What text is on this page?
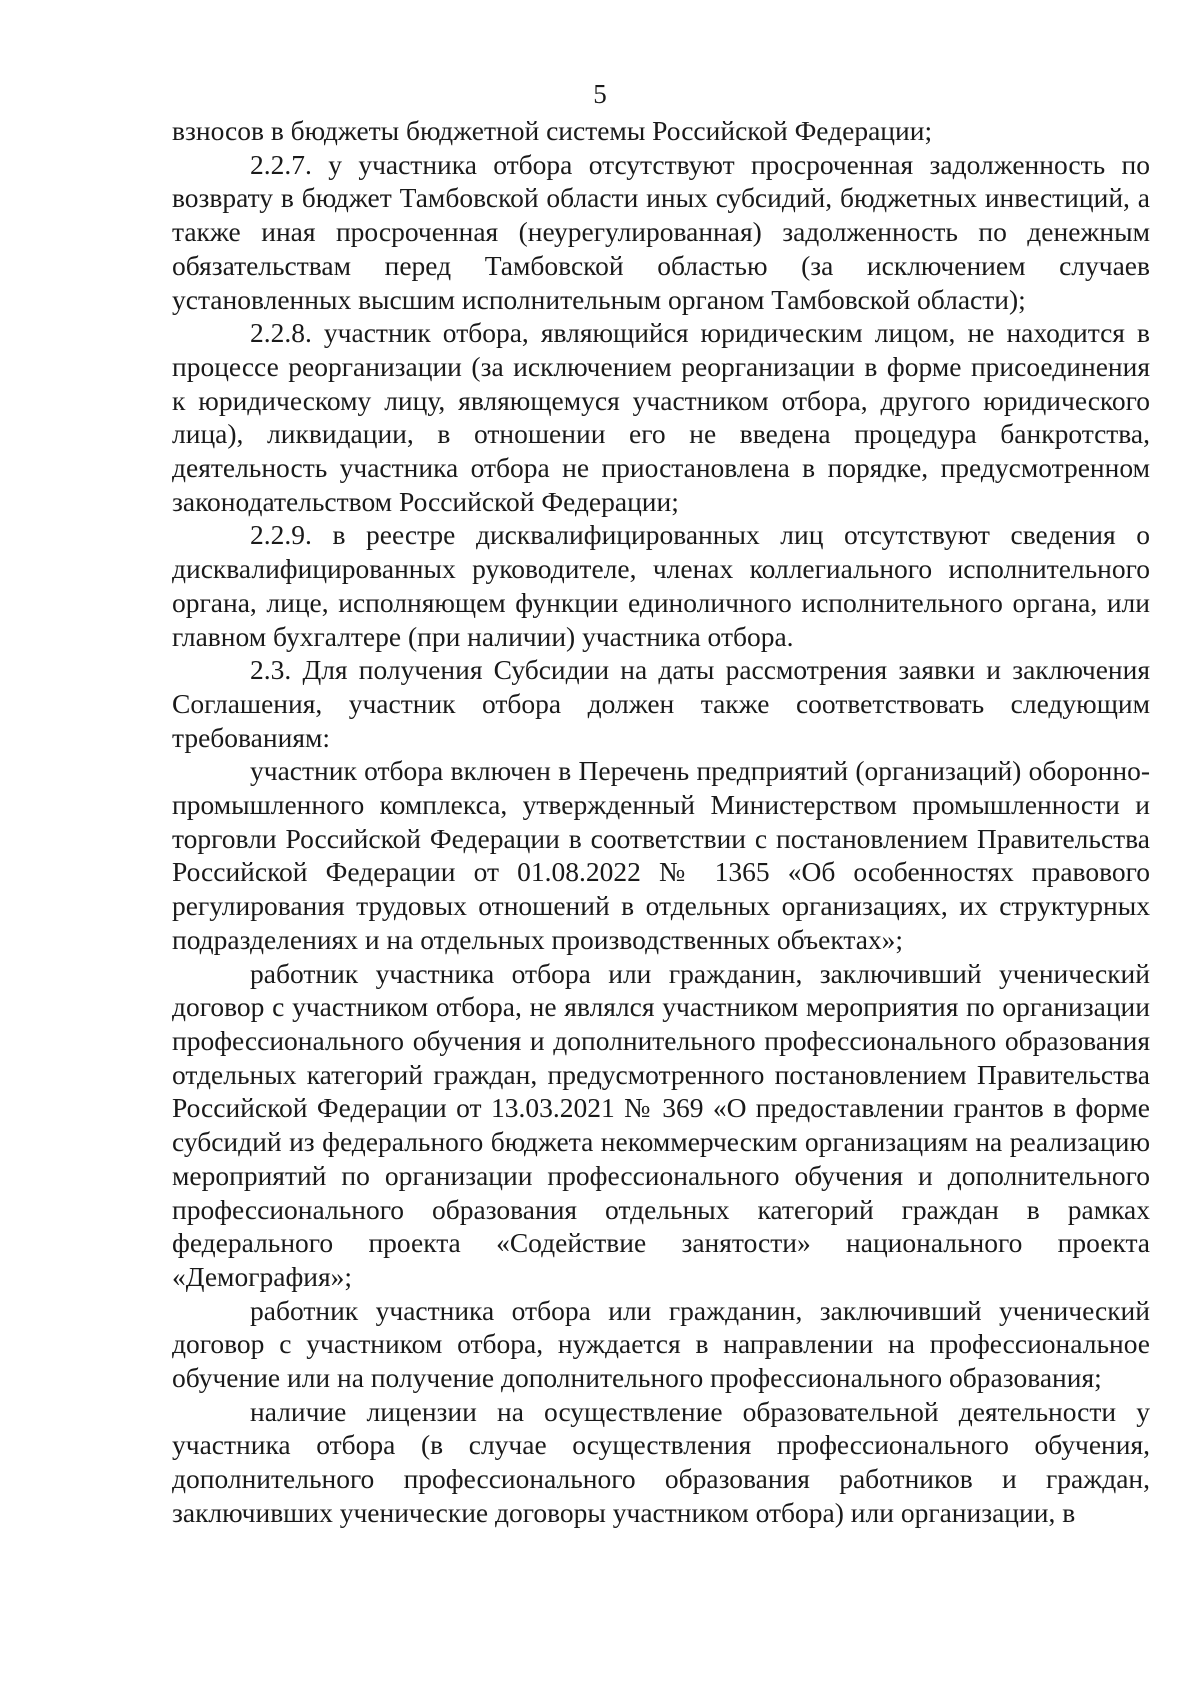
5

взносов в бюджеты бюджетной системы Российской Федерации;

2.2.7. у участника отбора отсутствуют просроченная задолженность по возврату в бюджет Тамбовской области иных субсидий, бюджетных инвестиций, а также иная просроченная (неурегулированная) задолженность по денежным обязательствам перед Тамбовской областью (за исключением случаев установленных высшим исполнительным органом Тамбовской области);

2.2.8. участник отбора, являющийся юридическим лицом, не находится в процессе реорганизации (за исключением реорганизации в форме присоединения к юридическому лицу, являющемуся участником отбора, другого юридического лица), ликвидации, в отношении его не введена процедура банкротства, деятельность участника отбора не приостановлена в порядке, предусмотренном законодательством Российской Федерации;

2.2.9. в реестре дисквалифицированных лиц отсутствуют сведения о дисквалифицированных руководителе, членах коллегиального исполнительного органа, лице, исполняющем функции единоличного исполнительного органа, или главном бухгалтере (при наличии) участника отбора.

2.3. Для получения Субсидии на даты рассмотрения заявки и заключения Соглашения, участник отбора должен также соответствовать следующим требованиям:

участник отбора включен в Перечень предприятий (организаций) оборонно-промышленного комплекса, утвержденный Министерством промышленности и торговли Российской Федерации в соответствии с постановлением Правительства Российской Федерации от 01.08.2022 № 1365 «Об особенностях правового регулирования трудовых отношений в отдельных организациях, их структурных подразделениях и на отдельных производственных объектах»;

работник участника отбора или гражданин, заключивший ученический договор с участником отбора, не являлся участником мероприятия по организации профессионального обучения и дополнительного профессионального образования отдельных категорий граждан, предусмотренного постановлением Правительства Российской Федерации от 13.03.2021 № 369 «О предоставлении грантов в форме субсидий из федерального бюджета некоммерческим организациям на реализацию мероприятий по организации профессионального обучения и дополнительного профессионального образования отдельных категорий граждан в рамках федерального проекта «Содействие занятости» национального проекта «Демография»;

работник участника отбора или гражданин, заключивший ученический договор с участником отбора, нуждается в направлении на профессиональное обучение или на получение дополнительного профессионального образования;

наличие лицензии на осуществление образовательной деятельности у участника отбора (в случае осуществления профессионального обучения, дополнительного профессионального образования работников и граждан, заключивших ученические договоры участником отбора) или организации, в
